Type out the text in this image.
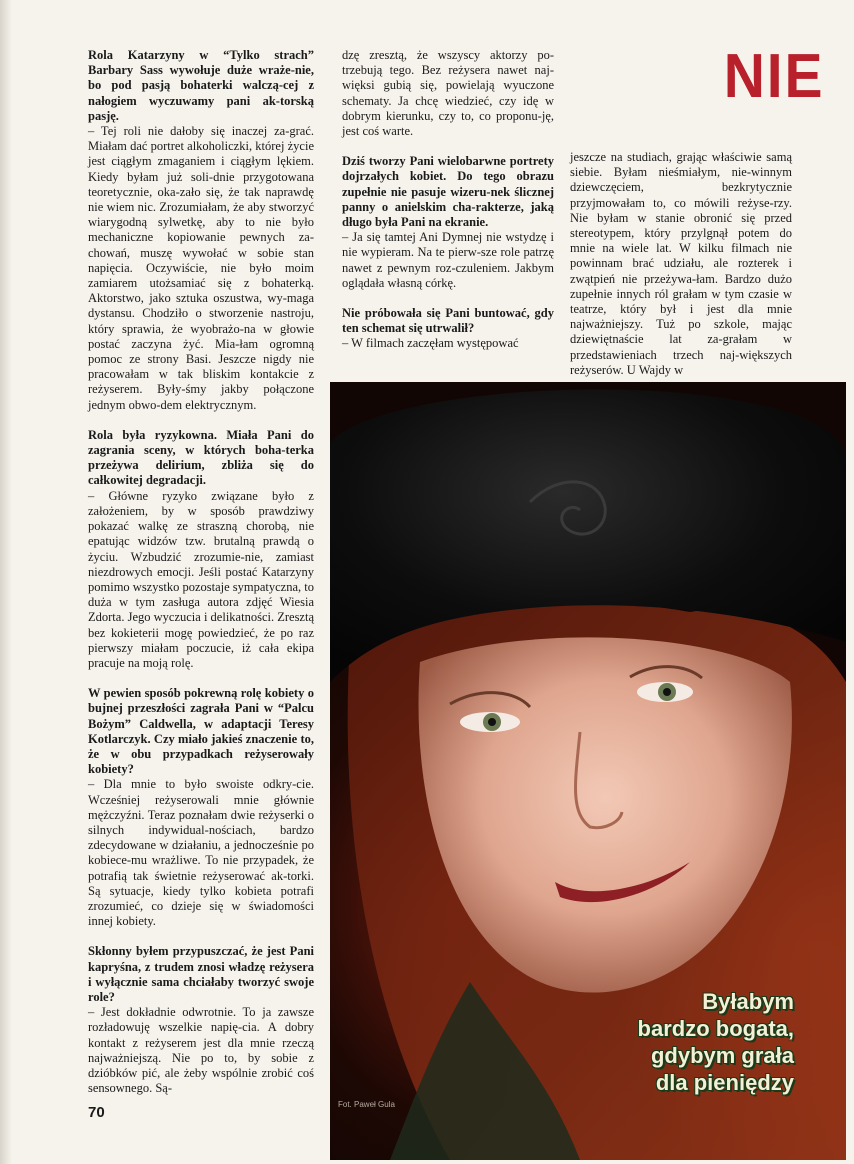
NIE

Rola Katarzyny w “Tylko strach” Barbary Sass wywołuje duże wraże-nie, bo pod pasją bohaterki walczą-cej z nałogiem wyczuwamy pani ak-torską pasję.

– Tej roli nie dałoby się inaczej za-grać. Miałam dać portret alkoholiczki, której życie jest ciągłym zmaganiem i ciągłym lękiem. Kiedy byłam już soli-dnie przygotowana teoretycznie, oka-zało się, że tak naprawdę nie wiem nic. Zrozumiałam, że aby stworzyć wiarygodną sylwetkę, aby to nie było mechaniczne kopiowanie pewnych za-chowań, muszę wywołać w sobie stan napięcia. Oczywiście, nie było moim zamiarem utożsamiać się z bohaterką. Aktorstwo, jako sztuka oszustwa, wy-maga dystansu. Chodziło o stworzenie nastroju, który sprawia, że wyobrażo-na w głowie postać zaczyna żyć. Mia-łam ogromną pomoc ze strony Basi. Jeszcze nigdy nie pracowałam w tak bliskim kontakcie z reżyserem. Były-śmy jakby połączone jednym obwo-dem elektrycznym.

Rola była ryzykowna. Miała Pani do zagrania sceny, w których boha-terka przeżywa delirium, zbliża się do całkowitej degradacji.

– Główne ryzyko związane było z założeniem, by w sposób prawdziwy pokazać walkę ze straszną chorobą, nie epatując widzów tzw. brutalną prawdą o życiu. Wzbudzić zrozumie-nie, zamiast niezdrowych emocji. Jeśli postać Katarzyny pomimo wszystko pozostaje sympatyczna, to duża w tym zasługa autora zdjęć Wiesia Zdorta. Jego wyczucia i delikatności. Zresztą bez kokieterii mogę powiedzieć, że po raz pierwszy miałam poczucie, iż cała ekipa pracuje na moją rolę.

W pewien sposób pokrewną rolę kobiety o bujnej przeszłości zagrała Pani w “Palcu Bożym” Caldwella, w adaptacji Teresy Kotlarczyk. Czy miało jakieś znaczenie to, że w obu przypadkach reżyserowały kobiety?

– Dla mnie to było swoiste odkry-cie. Wcześniej reżyserowali mnie głównie mężczyźni. Teraz poznałam dwie reżyserki o silnych indywidual-nościach, bardzo zdecydowane w działaniu, a jednocześnie po kobiece-mu wrażliwe. To nie przypadek, że potrafią tak świetnie reżyserować ak-torki. Są sytuacje, kiedy tylko kobieta potrafi zrozumieć, co dzieje się w świadomości innej kobiety.

Skłonny byłem przypuszczać, że jest Pani kapryśna, z trudem znosi władzę reżysera i wyłącznie sama chciałaby tworzyć swoje role?

– Jest dokładnie odwrotnie. To ja zawsze rozładowuję wszelkie napię-cia. A dobry kontakt z reżyserem jest dla mnie rzeczą najważniejszą. Nie po to, by sobie z dzióbków pić, ale żeby wspólnie zrobić coś sensownego. Są-

dzę zresztą, że wszyscy aktorzy po-trzebują tego. Bez reżysera nawet naj-więksi gubią się, powielają wyuczone schematy. Ja chcę wiedzieć, czy idę w dobrym kierunku, czy to, co proponu-ję, jest coś warte.

Dziś tworzy Pani wielobarwne portrety dojrzałych kobiet. Do tego obrazu zupełnie nie pasuje wizeru-nek ślicznej panny o anielskim cha-rakterze, jaką długo była Pani na ekranie.

– Ja się tamtej Ani Dymnej nie wstydzę i nie wypieram. Na te pierw-sze role patrzę nawet z pewnym roz-czuleniem. Jakbym oglądała własną córkę.

Nie próbowała się Pani buntować, gdy ten schemat się utrwalił?

– W filmach zaczęłam występować

jeszcze na studiach, grając właściwie samą siebie. Byłam nieśmiałym, nie-winnym dziewczęciem, bezkrytycznie przyjmowałam to, co mówili reżyse-rzy. Nie byłam w stanie obronić się przed stereotypem, który przylgnął potem do mnie na wiele lat. W kilku filmach nie powinnam brać udziału, ale rozterek i zwątpień nie przeżywa-łam. Bardzo dużo zupełnie innych ról grałam w tym czasie w teatrze, który był i jest dla mnie najważniejszy. Tuż po szkole, mając dziewiętnaście lat za-grałam w przedstawieniach trzech naj-większych reżyserów. U Wajdy w

Byłabym
bardzo bogata,
gdybym grała
dla pieniędzy
Fot. Paweł Gula
70
